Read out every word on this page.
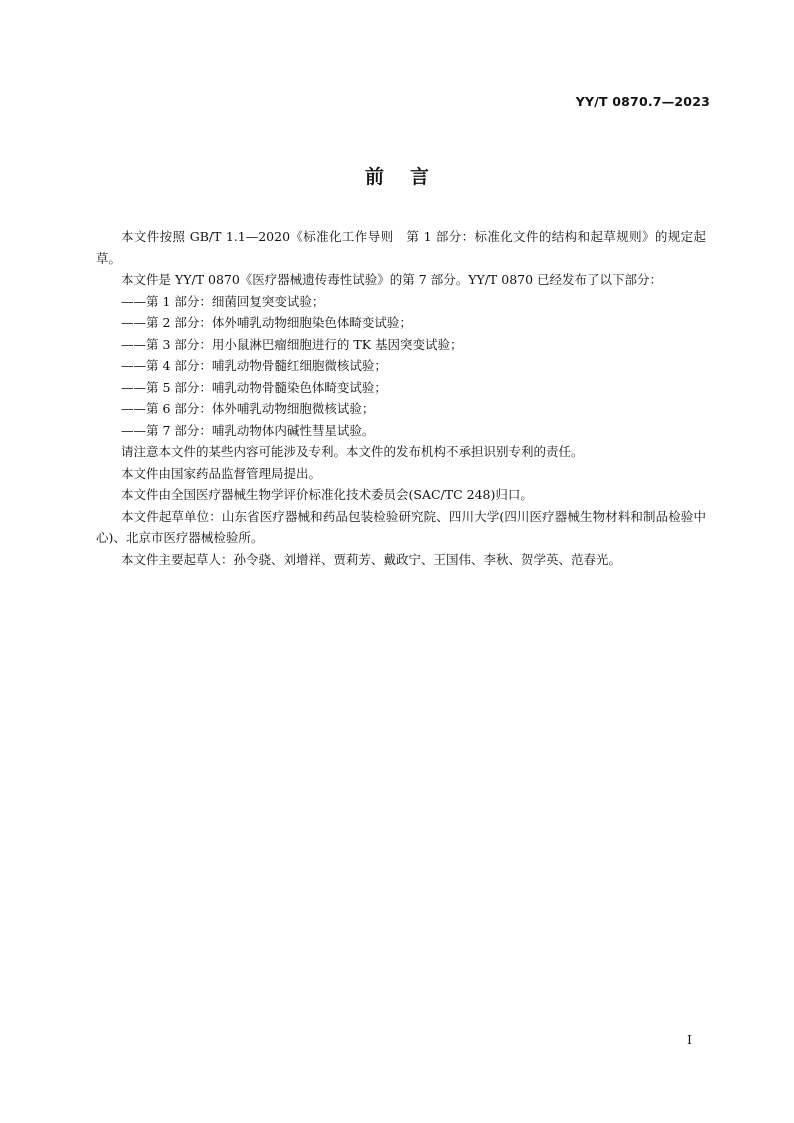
YY/T 0870.7—2023
前言

本文件按照 GB/T 1.1—2020《标准化工作导则　第 1 部分：标准化文件的结构和起草规则》的规定起草。

本文件是 YY/T 0870《医疗器械遗传毒性试验》的第 7 部分。YY/T 0870 已经发布了以下部分：

——第 1 部分：细菌回复突变试验；

——第 2 部分：体外哺乳动物细胞染色体畸变试验；

——第 3 部分：用小鼠淋巴瘤细胞进行的 TK 基因突变试验；

——第 4 部分：哺乳动物骨髓红细胞微核试验；

——第 5 部分：哺乳动物骨髓染色体畸变试验；

——第 6 部分：体外哺乳动物细胞微核试验；

——第 7 部分：哺乳动物体内碱性彗星试验。

请注意本文件的某些内容可能涉及专利。本文件的发布机构不承担识别专利的责任。

本文件由国家药品监督管理局提出。

本文件由全国医疗器械生物学评价标准化技术委员会(SAC/TC 248)归口。

本文件起草单位：山东省医疗器械和药品包装检验研究院、四川大学(四川医疗器械生物材料和制品检验中心)、北京市医疗器械检验所。

本文件主要起草人：孙令骁、刘增祥、贾莉芳、戴政宁、王国伟、李秋、贺学英、范春光。

I
